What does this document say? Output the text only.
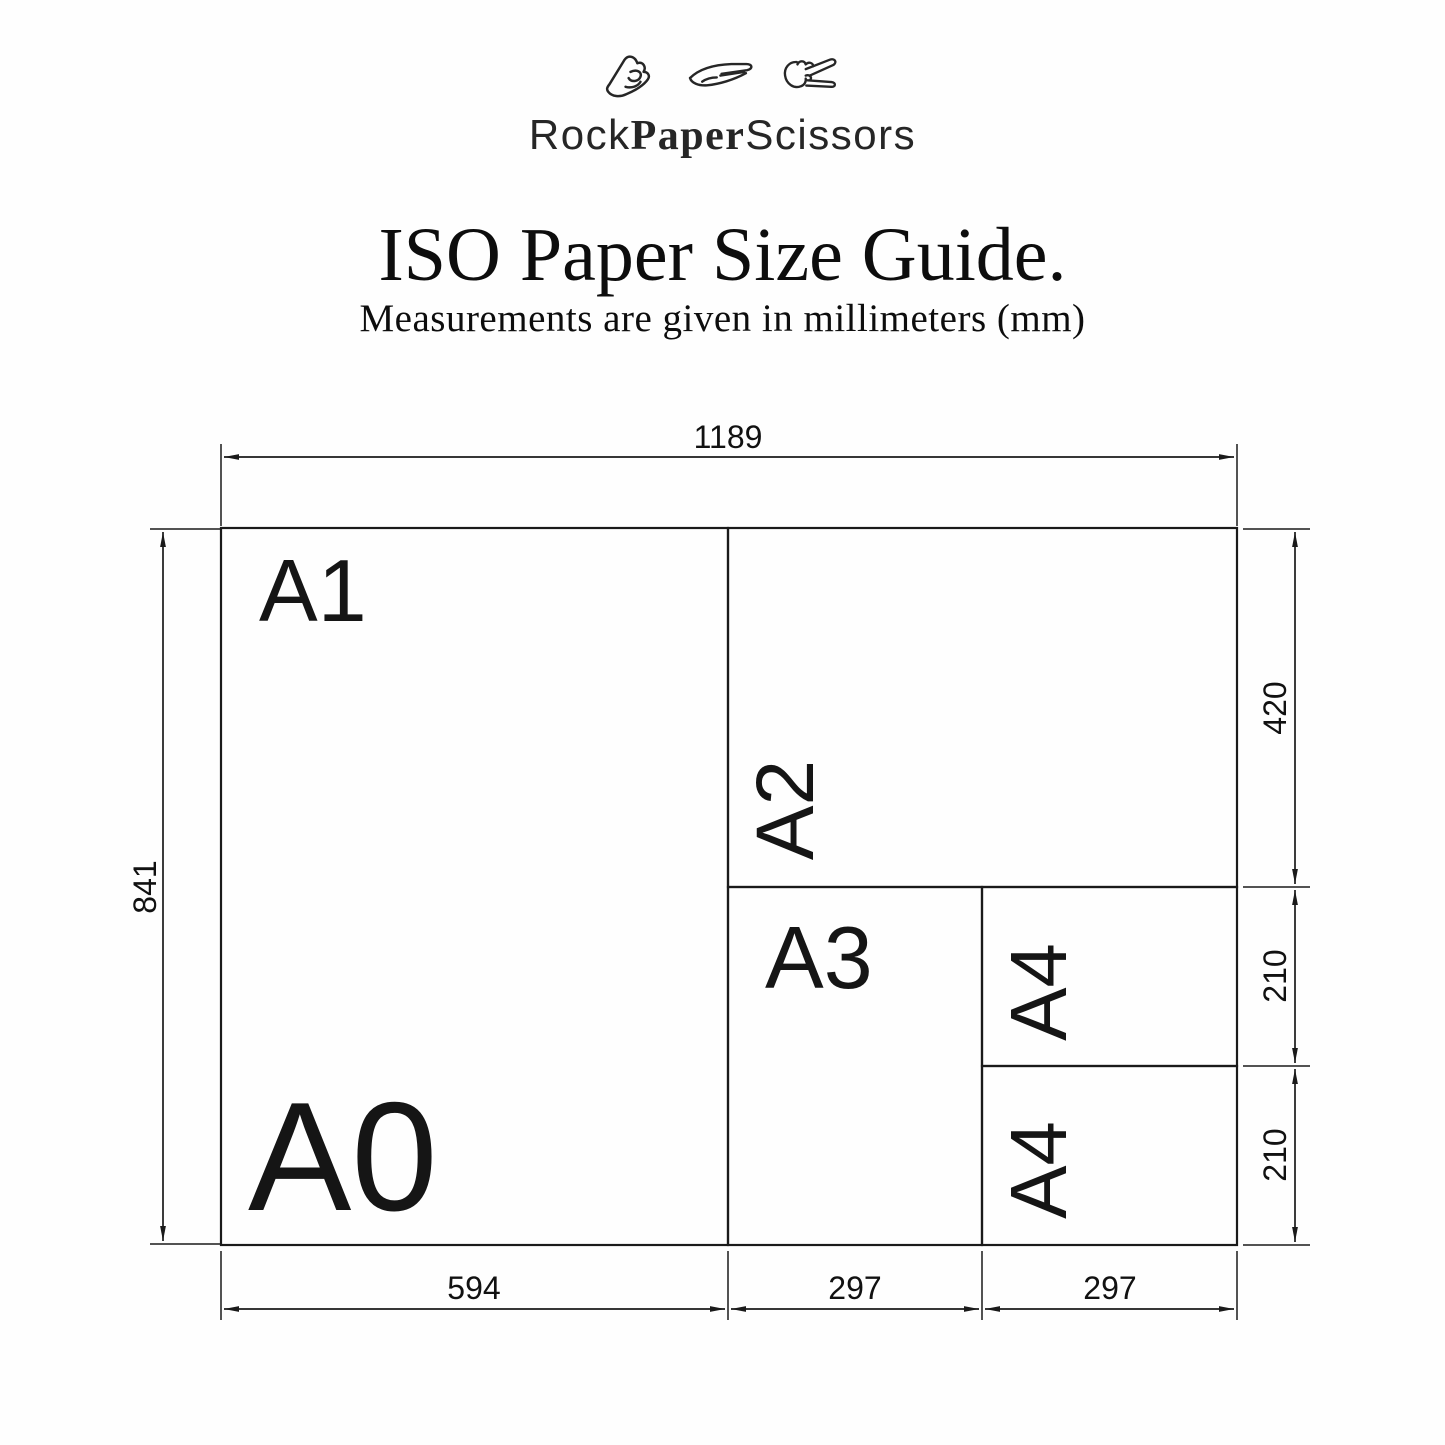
RockPaperScissors
ISO Paper Size Guide.
Measurements are given in millimeters (mm)
A1
A2
A3 A4
A4
A0
1189
841
420
210
210
594	297	297
